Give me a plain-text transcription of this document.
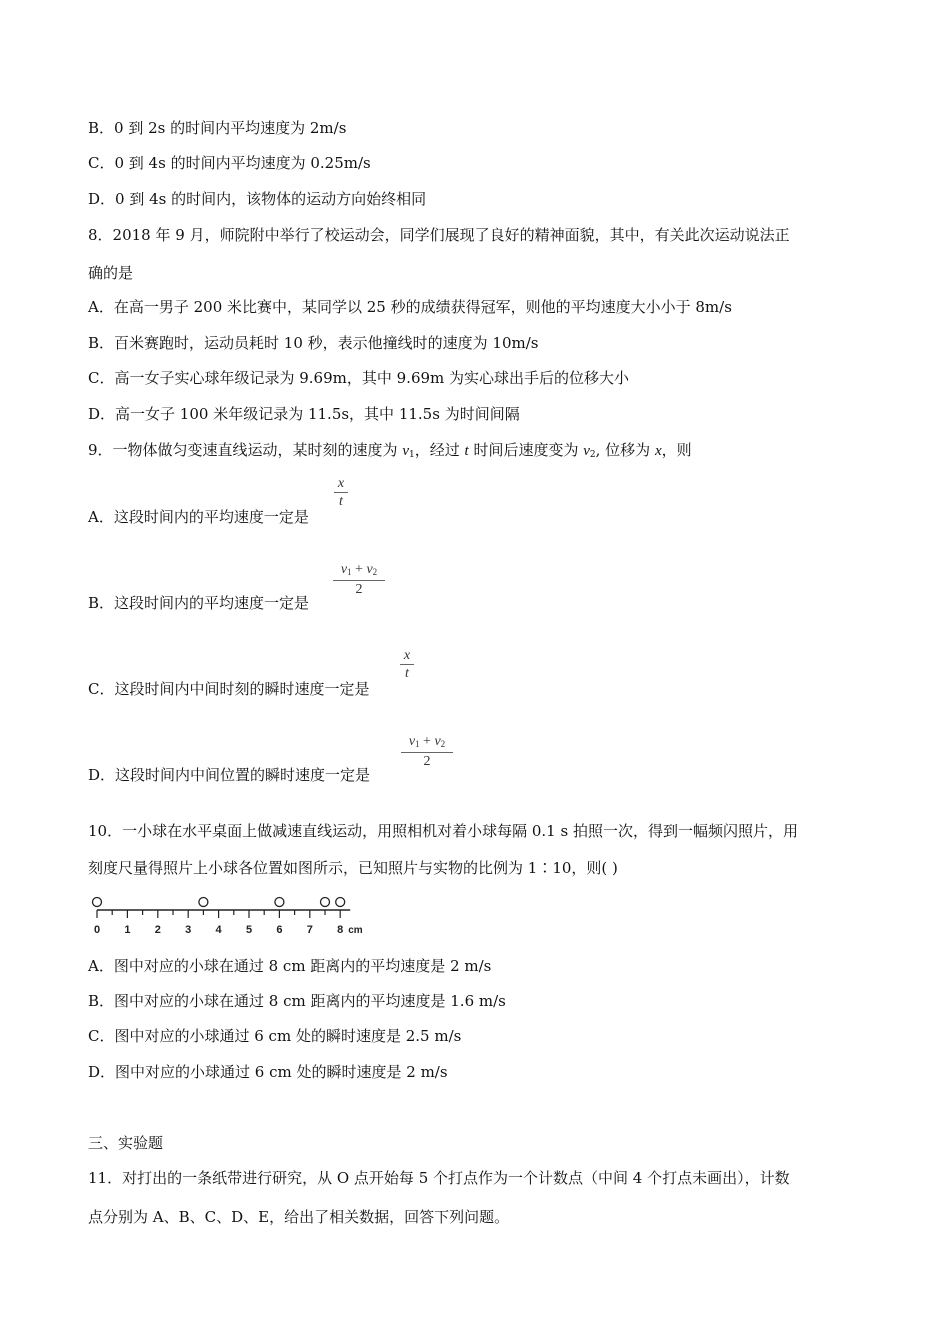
B．0 到 2s 的时间内平均速度为 2m/s
C．0 到 4s 的时间内平均速度为 0.25m/s
D．0 到 4s 的时间内，该物体的运动方向始终相同
8．2018 年 9 月，师院附中举行了校运动会，同学们展现了良好的精神面貌，其中，有关此次运动说法正
确的是
A．在高一男子 200 米比赛中，某同学以 25 秒的成绩获得冠军，则他的平均速度大小小于 8m/s
B．百米赛跑时，运动员耗时 10 秒，表示他撞线时的速度为 10m/s
C．高一女子实心球年级记录为 9.69m，其中 9.69m 为实心球出手后的位移大小
D．高一女子 100 米年级记录为 11.5s，其中 11.5s 为时间间隔
9．一物体做匀变速直线运动，某时刻的速度为 $v_1$，经过 t 时间后速度变为 $v_2$, 位移为 x，则
A．这段时间内的平均速度一定是
x
t
B．这段时间内的平均速度一定是
$v_1 + v_2$
2
C．这段时间内中间时刻的瞬时速度一定是
x
t
D．这段时间内中间位置的瞬时速度一定是
$v_1 + v_2$
2
10．一小球在水平桌面上做减速直线运动，用照相机对着小球每隔 0.1 s 拍照一次，得到一幅频闪照片，用
刻度尺量得照片上小球各位置如图所示，已知照片与实物的比例为 1∶10，则( )
0 1 2 3 4 5 6 7 8 cm
A．图中对应的小球在通过 8 cm 距离内的平均速度是 2 m/s
B．图中对应的小球在通过 8 cm 距离内的平均速度是 1.6 m/s
C．图中对应的小球通过 6 cm 处的瞬时速度是 2.5 m/s
D．图中对应的小球通过 6 cm 处的瞬时速度是 2 m/s
三、实验题
11．对打出的一条纸带进行研究，从 O 点开始每 5 个打点作为一个计数点（中间 4 个打点未画出），计数
点分别为 A、B、C、D、E，给出了相关数据，回答下列问题。
